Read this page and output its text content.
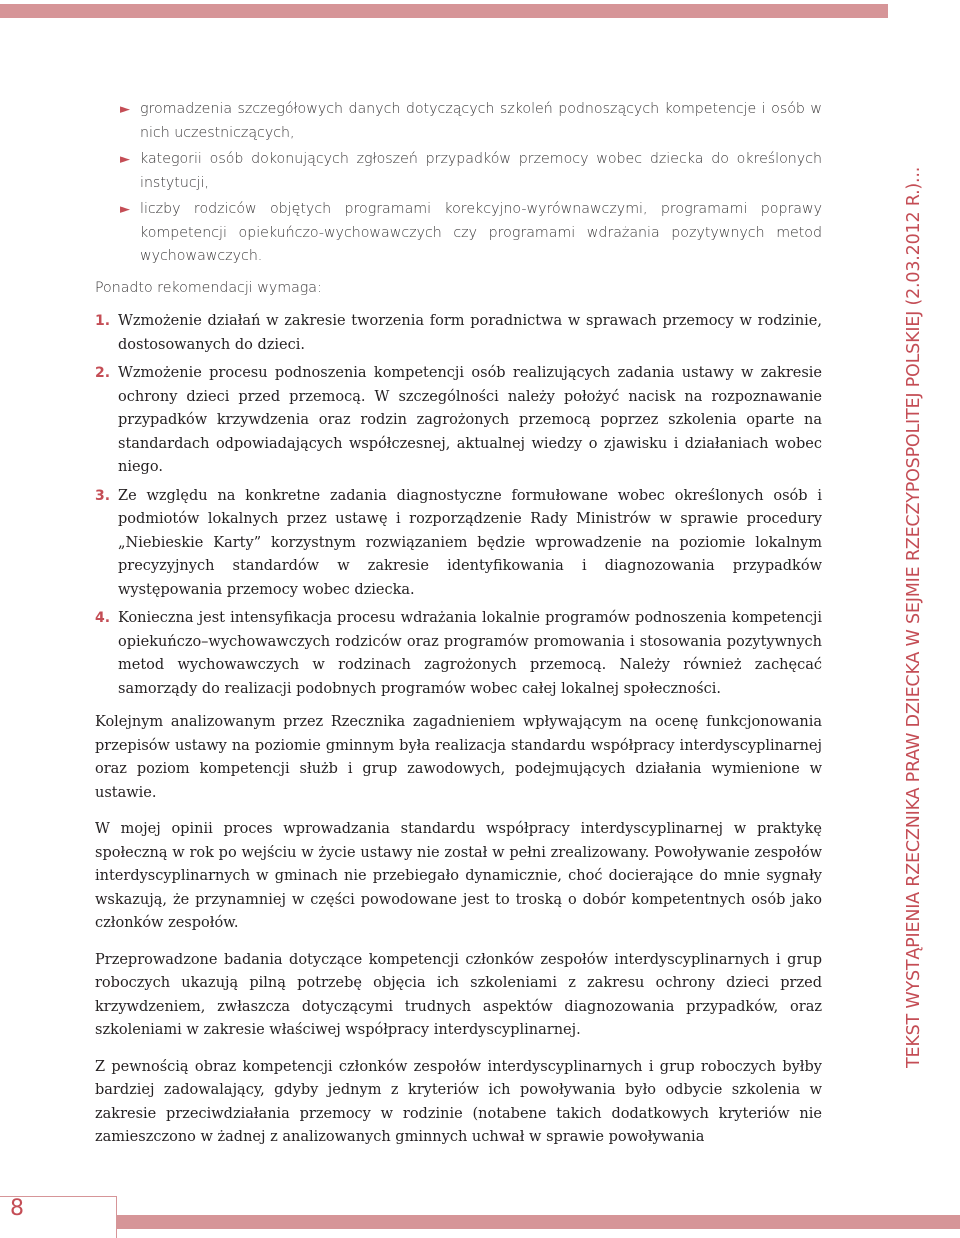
TEKST WYSTĄPIENIA RZECZNIKA PRAW DZIECKA W SEJMIE RZECZYPOSPOLITEJ POLSKIEJ (2.03.2012 R.)...
► gromadzenia szczegółowych danych dotyczących szkoleń podnoszących kompetencje i osób w nich uczestniczących,
► kategorii osób dokonujących zgłoszeń przypadków przemocy wobec dziecka do określonych instytucji,
► liczby rodziców objętych programami korekcyjno-wyrównawczymi, programami poprawy kompetencji opiekuńczo-wychowawczych czy programami wdrażania pozytywnych metod wychowawczych.

Ponadto rekomendacji wymaga:

1. Wzmożenie działań w zakresie tworzenia form poradnictwa w sprawach przemocy w rodzinie, dostosowanych do dzieci.
2. Wzmożenie procesu podnoszenia kompetencji osób realizujących zadania ustawy w zakresie ochrony dzieci przed przemocą. W szczególności należy położyć nacisk na rozpoznawanie przypadków krzywdzenia oraz rodzin zagrożonych przemocą poprzez szkolenia oparte na standardach odpowiadających współczesnej, aktualnej wiedzy o zjawisku i działaniach wobec niego.
3. Ze względu na konkretne zadania diagnostyczne formułowane wobec określonych osób i podmiotów lokalnych przez ustawę i rozporządzenie Rady Ministrów w sprawie procedury „Niebieskie Karty” korzystnym rozwiązaniem będzie wprowadzenie na poziomie lokalnym precyzyjnych standardów w zakresie identyfikowania i diagnozowania przypadków występowania przemocy wobec dziecka.
4. Konieczna jest intensyfikacja procesu wdrażania lokalnie programów podnoszenia kompetencji opiekuńczo–wychowawczych rodziców oraz programów promowania i stosowania pozytywnych metod wychowawczych w rodzinach zagrożonych przemocą. Należy również zachęcać samorządy do realizacji podobnych programów wobec całej lokalnej społeczności.

Kolejnym analizowanym przez Rzecznika zagadnieniem wpływającym na ocenę funkcjonowania przepisów ustawy na poziomie gminnym była realizacja standardu współpracy interdyscyplinarnej oraz poziom kompetencji służb i grup zawodowych, podejmujących działania wymienione w ustawie.

W mojej opinii proces wprowadzania standardu współpracy interdyscyplinarnej w praktykę społeczną w rok po wejściu w życie ustawy nie został w pełni zrealizowany. Powoływanie zespołów interdyscyplinarnych w gminach nie przebiegało dynamicznie, choć docierające do mnie sygnały wskazują, że przynamniej w części powodowane jest to troską o dobór kompetentnych osób jako członków zespołów.

Przeprowadzone badania dotyczące kompetencji członków zespołów interdyscyplinarnych i grup roboczych ukazują pilną potrzebę objęcia ich szkoleniami z zakresu ochrony dzieci przed krzywdzeniem, zwłaszcza dotyczącymi trudnych aspektów diagnozowania przypadków, oraz szkoleniami w zakresie właściwej współpracy interdyscyplinarnej.

Z pewnością obraz kompetencji członków zespołów interdyscyplinarnych i grup roboczych byłby bardziej zadowalający, gdyby jednym z kryteriów ich powoływania było odbycie szkolenia w zakresie przeciwdziałania przemocy w rodzinie (notabene takich dodatkowych kryteriów nie zamieszczono w żadnej z analizowanych gminnych uchwał w sprawie powoływania

8
